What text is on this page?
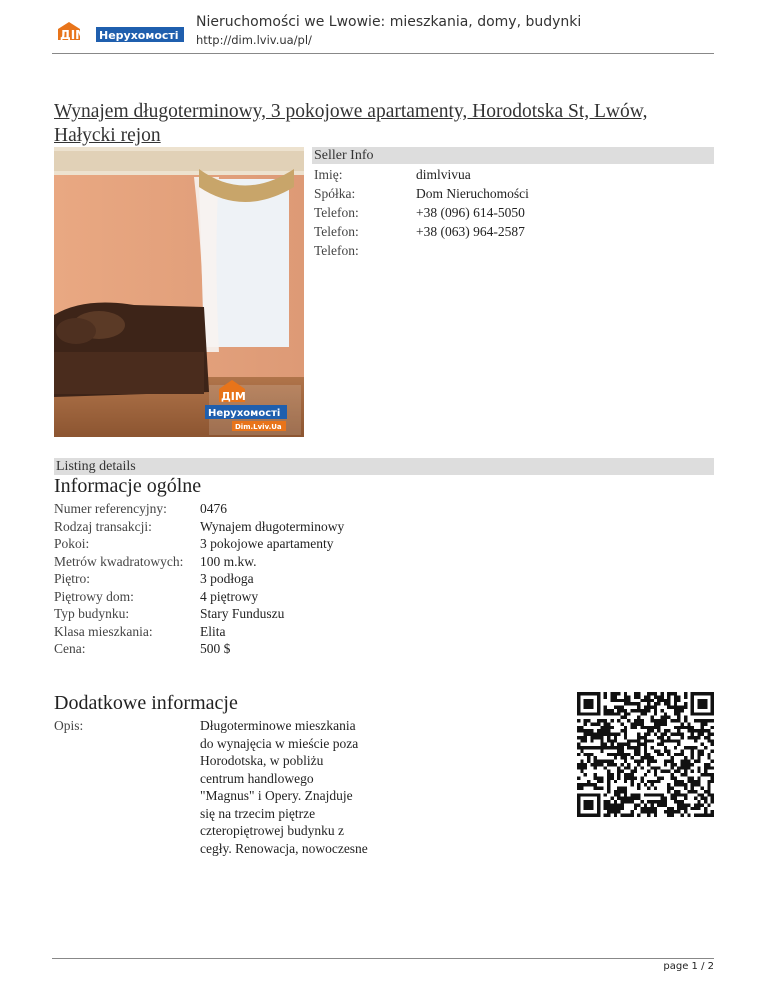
ДІМ Нерухомості
Nieruchomości we Lwowie: mieszkania, domy, budynki
http://dim.lviv.ua/pl/
Wynajem długoterminowy, 3 pokojowe apartamenty, Horodotska St, Lwów, Hałycki rejon
ДІМ
Нерухомості
Dim.Lviv.Ua
Seller Info
Imię:	dimlvivua
Spółka:	Dom Nieruchomości
Telefon:	+38 (096) 614-5050
Telefon:	+38 (063) 964-2587
Telefon:
Listing details
Informacje ogólne
Numer referencyjny:	0476
Rodzaj transakcji:	Wynajem długoterminowy
Pokoi:	3 pokojowe apartamenty
Metrów kwadratowych:	100 m.kw.
Piętro:	3 podłoga
Piętrowy dom:	4 piętrowy
Typ budynku:	Stary Funduszu
Klasa mieszkania:	Elita
Cena:	500 $
Dodatkowe informacje
Opis:	Długoterminowe mieszkania do wynajęcia w mieście poza Horodotska, w pobliżu centrum handlowego "Magnus" i Opery. Znajduje się na trzecim piętrze czteropiętrowej budynku z cegły. Renowacja, nowoczesne
page 1 / 2
